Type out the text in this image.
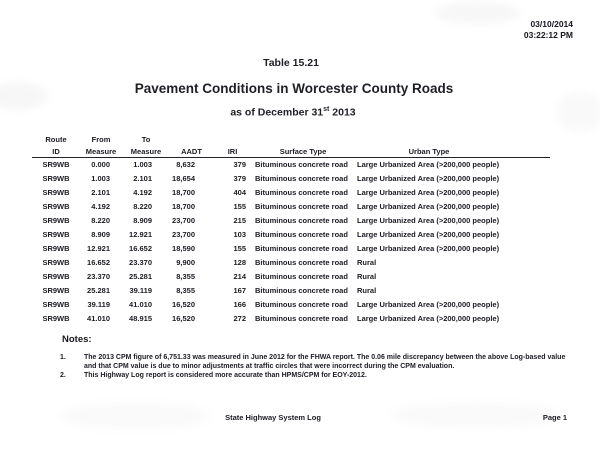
03/10/2014
03:22:12 PM
Table 15.21
Pavement Conditions in Worcester County Roads
as of December 31st 2013
Route	From	To				
ID	Measure	Measure	AADT	IRI	Surface Type	Urban Type
SR9WB	0.000	1.003	8,632	379	Bituminous concrete road	Large Urbanized Area (>200,000 people)
SR9WB	1.003	2.101	18,654	379	Bituminous concrete road	Large Urbanized Area (>200,000 people)
SR9WB	2.101	4.192	18,700	404	Bituminous concrete road	Large Urbanized Area (>200,000 people)
SR9WB	4.192	8.220	18,700	155	Bituminous concrete road	Large Urbanized Area (>200,000 people)
SR9WB	8.220	8.909	23,700	215	Bituminous concrete road	Large Urbanized Area (>200,000 people)
SR9WB	8.909	12.921	23,700	103	Bituminous concrete road	Large Urbanized Area (>200,000 people)
SR9WB	12.921	16.652	18,590	155	Bituminous concrete road	Large Urbanized Area (>200,000 people)
SR9WB	16.652	23.370	9,900	128	Bituminous concrete road	Rural
SR9WB	23.370	25.281	8,355	214	Bituminous concrete road	Rural
SR9WB	25.281	39.119	8,355	167	Bituminous concrete road	Rural
SR9WB	39.119	41.010	16,520	166	Bituminous concrete road	Large Urbanized Area (>200,000 people)
SR9WB	41.010	48.915	16,520	272	Bituminous concrete road	Large Urbanized Area (>200,000 people)
Notes:
1.	The 2013 CPM figure of 6,751.33 was measured in June 2012 for the FHWA report. The 0.06 mile discrepancy between the above Log-based value and that CPM value is due to minor adjustments at traffic circles that were incorrect during the CPM evaluation.
2.	This Highway Log report is considered more accurate than HPMS/CPM for EOY-2012.
State Highway System Log	Page 1
